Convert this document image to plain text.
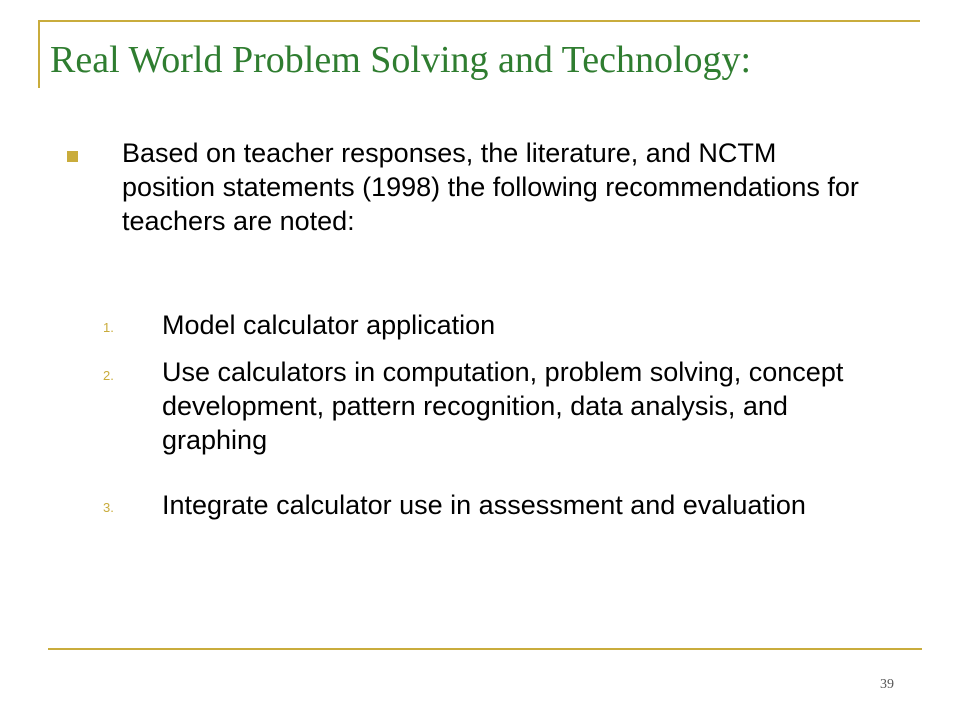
Real World Problem Solving and Technology:
Based on teacher responses, the literature, and NCTM position statements (1998) the following recommendations for teachers are noted:
1.	Model calculator application
2.	Use calculators in computation, problem solving, concept development, pattern recognition, data analysis, and graphing
3.	Integrate calculator use in assessment and evaluation
39
